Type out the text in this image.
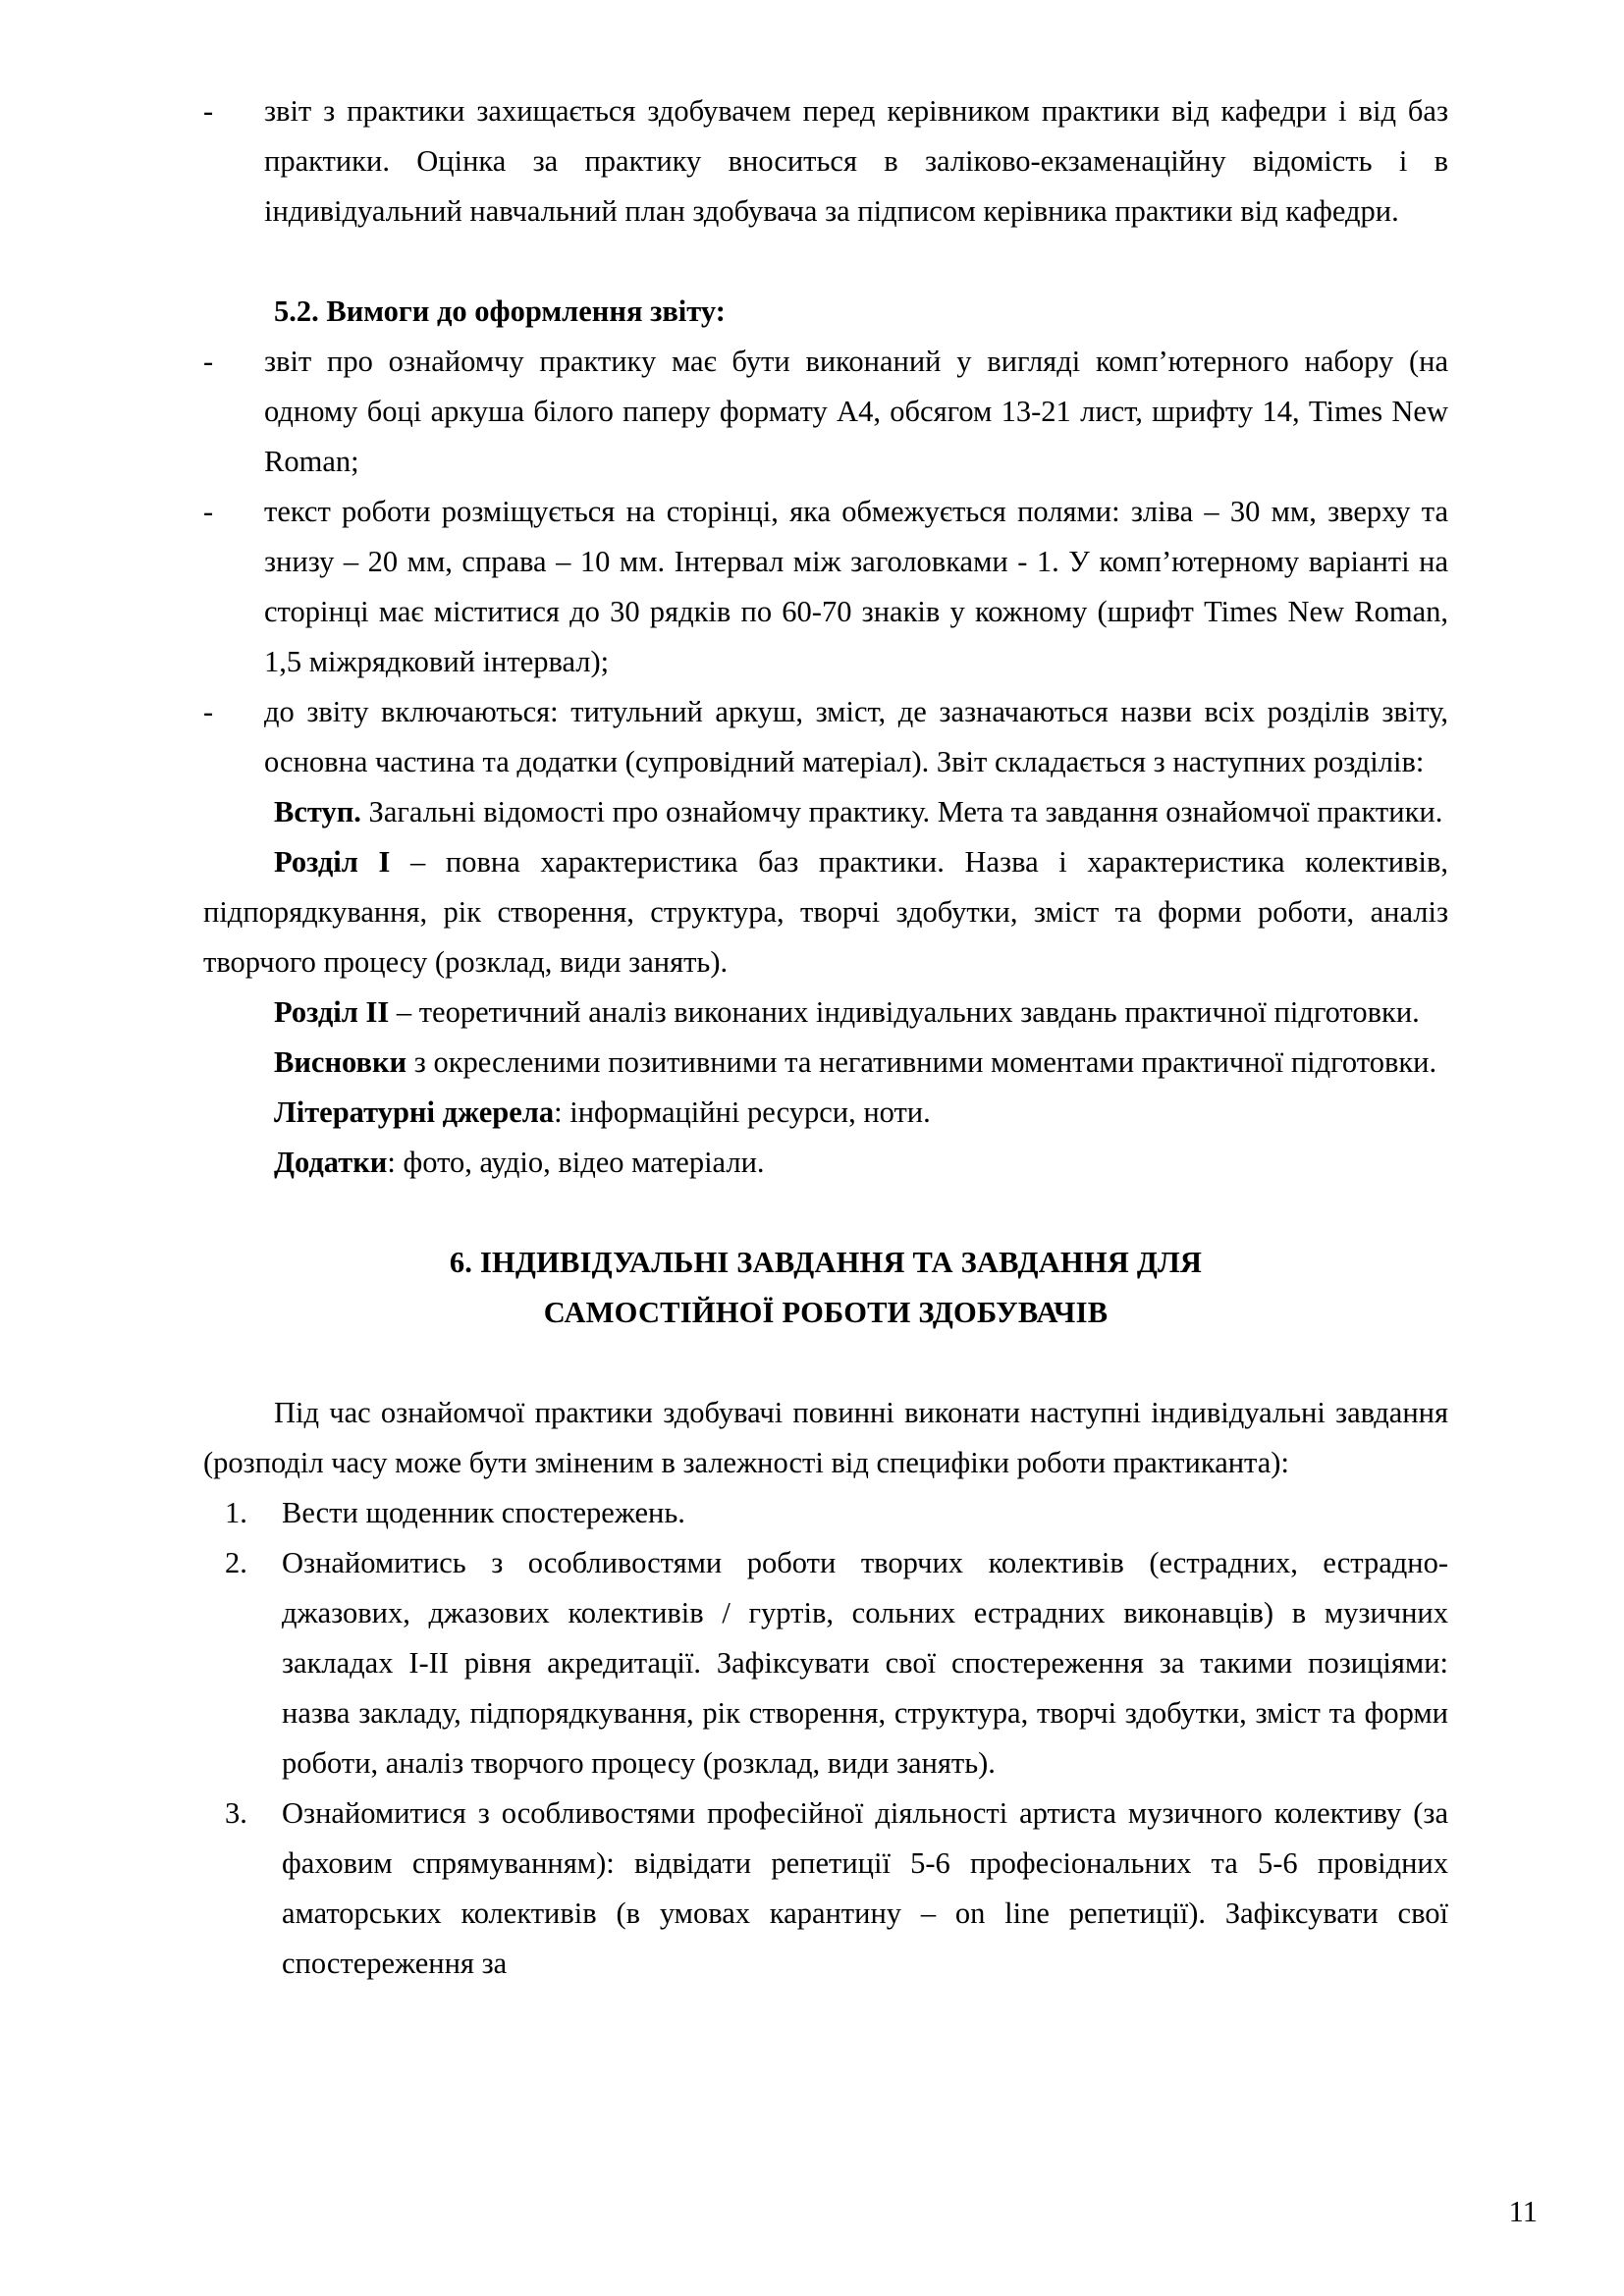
-	звіт з практики захищається здобувачем перед керівником практики від кафедри і від баз практики. Оцінка за практику вноситься в заліково-екзаменаційну відомість і в індивідуальний навчальний план здобувача за підписом керівника практики від кафедри.
5.2. Вимоги до оформлення звіту:
-	звіт про ознайомчу практику має бути виконаний у вигляді комп’ютерного набору (на одному боці аркуша білого паперу формату А4, обсягом 13-21 лист, шрифту 14, Times New Roman;
-	текст роботи розміщується на сторінці, яка обмежується полями: зліва – 30 мм, зверху та знизу – 20 мм, справа – 10 мм. Інтервал між заголовками - 1. У комп’ютерному варіанті на сторінці має міститися до 30 рядків по 60-70 знаків у кожному (шрифт Times New Roman, 1,5 міжрядковий інтервал);
-	до звіту включаються: титульний аркуш, зміст, де зазначаються назви всіх розділів звіту, основна частина та додатки (супровідний матеріал). Звіт складається з наступних розділів:
Вступ. Загальні відомості про ознайомчу практику. Мета та завдання ознайомчої практики.
Розділ I – повна характеристика баз практики. Назва і характеристика колективів, підпорядкування, рік створення, структура, творчі здобутки, зміст та форми роботи, аналіз творчого процесу (розклад, види занять).
Розділ II – теоретичний аналіз виконаних індивідуальних завдань практичної підготовки.
Висновки з окресленими позитивними та негативними моментами практичної підготовки.
Літературні джерела: інформаційні ресурси, ноти.
Додатки: фото, аудіо, відео матеріали.
6. ІНДИВІДУАЛЬНІ ЗАВДАННЯ ТА ЗАВДАННЯ ДЛЯ
САМОСТІЙНОЇ РОБОТИ ЗДОБУВАЧІВ
Під час ознайомчої практики здобувачі повинні виконати наступні індивідуальні завдання (розподіл часу може бути зміненим в залежності від специфіки роботи практиканта):
1.	Вести щоденник спостережень.
2.	Ознайомитись з особливостями роботи творчих колективів (естрадних, естрадно-джазових, джазових колективів / гуртів, сольних естрадних виконавців) в музичних закладах I-II рівня акредитації. Зафіксувати свої спостереження за такими позиціями: назва закладу, підпорядкування, рік створення, структура, творчі здобутки, зміст та форми роботи, аналіз творчого процесу (розклад, види занять).
3.	Ознайомитися з особливостями професійної діяльності артиста музичного колективу (за фаховим спрямуванням): відвідати репетиції 5-6 професіональних та 5-6 провідних аматорських колективів (в умовах карантину – on line репетиції). Зафіксувати свої спостереження за
11
